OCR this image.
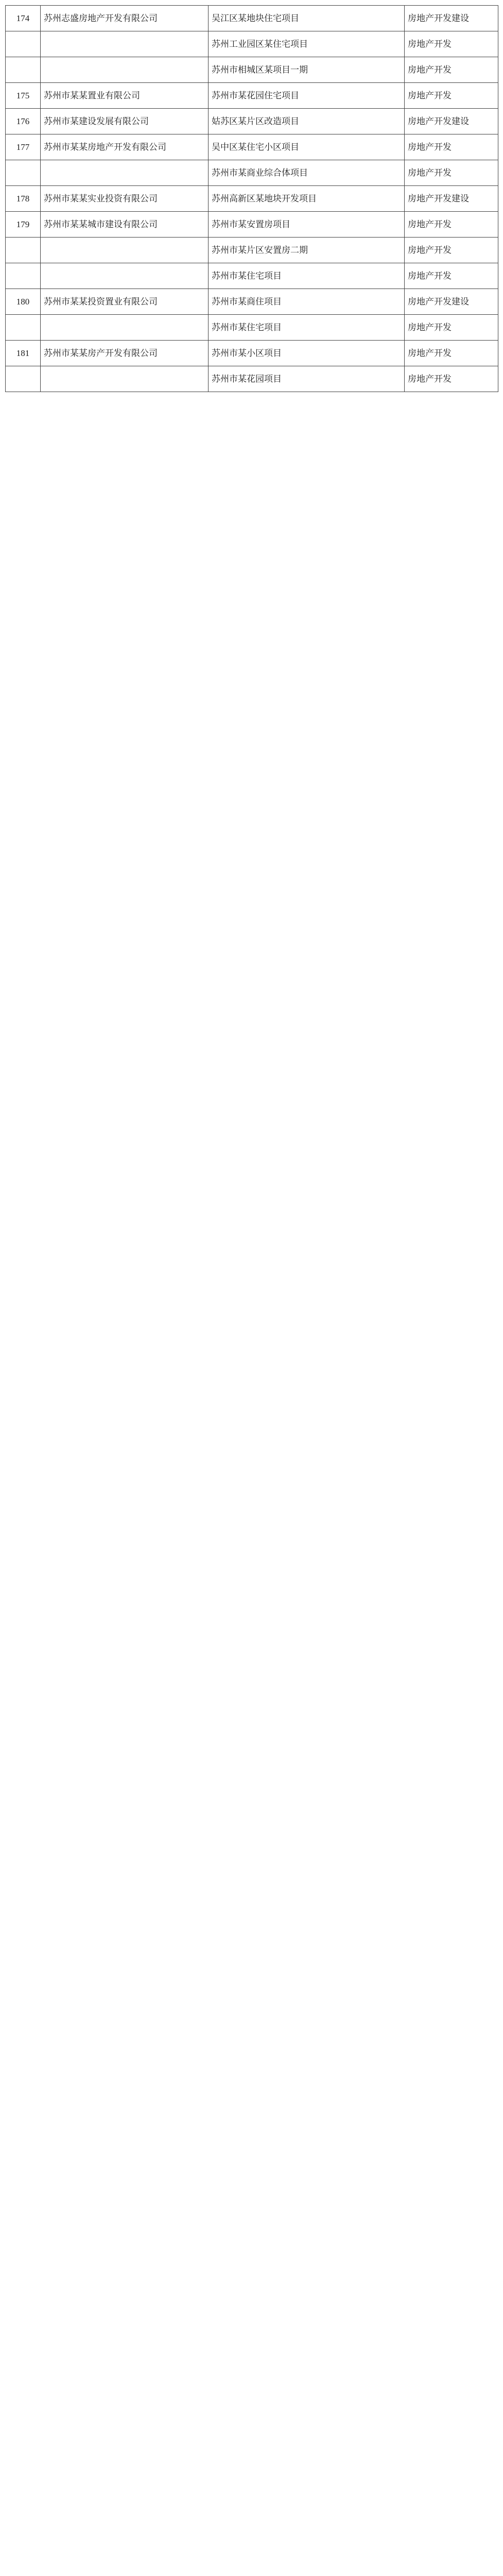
174	苏州志盛房地产开发有限公司	吴江区某地块住宅项目	房地产开发建设
		苏州工业园区某住宅项目	房地产开发
		苏州市相城区某项目一期	房地产开发
175	苏州市某某置业有限公司	苏州市某花园住宅项目	房地产开发
176	苏州市某建设发展有限公司	姑苏区某片区改造项目	房地产开发建设
177	苏州市某某房地产开发有限公司	吴中区某住宅小区项目	房地产开发
		苏州市某商业综合体项目	房地产开发
178	苏州市某某实业投资有限公司	苏州高新区某地块开发项目	房地产开发建设
179	苏州市某某城市建设有限公司	苏州市某安置房项目	房地产开发
		苏州市某片区安置房二期	房地产开发
		苏州市某住宅项目	房地产开发
180	苏州市某某投资置业有限公司	苏州市某商住项目	房地产开发建设
		苏州市某住宅项目	房地产开发
181	苏州市某某房产开发有限公司	苏州市某小区项目	房地产开发
		苏州市某花园项目	房地产开发
